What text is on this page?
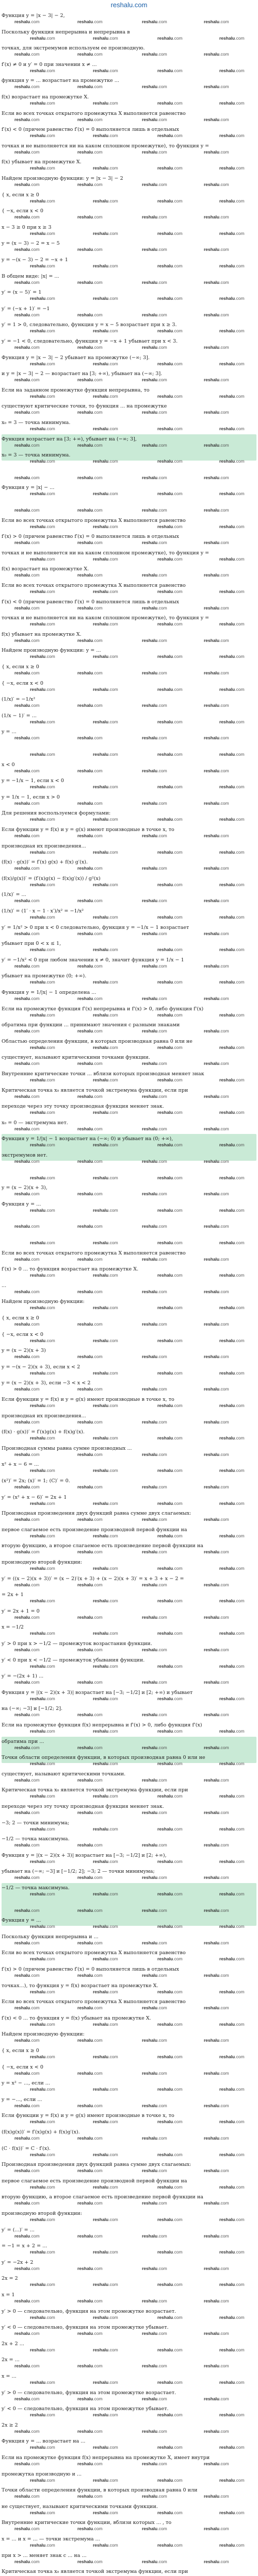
reshalu.com
Функция y = |x − 3| − 2,
Поскольку функция непрерывна и непрерывна в
точках, для экстремумов используем ее производную.
f′(x) ≠ 0 и y′ = 0 при значении x ≠ ...
функция y = ... возрастает на промежутке ...
f(x) возрастает на промежутке X.
Если во всех точках открытого промежутка X выполняется равенство
f′(x) < 0 (причем равенство f′(x) = 0 выполняется лишь в отдельных
точках и не выполняется ни на каком сплошном промежутке), то функция y =
f(x) убывает на промежутке X.
Найдем производную функции: y = |x − 3| − 2
{ x, если x ≥ 0
{ −x, если x < 0
x − 3 ≥ 0 при x ≥ 3
y = (x − 3) − 2 = x − 5
y = −(x − 3) − 2 = −x + 1
В общем виде: |x| = ...
y′ = (x − 5)′ = 1
y′ = (−x + 1)′ = −1
y′ = 1 > 0, следовательно, функция y = x − 5 возрастает при x ≥ 3.
y′ = −1 < 0, следовательно, функция y = −x + 1 убывает при x < 3.
Функция y = |x − 3| − 2 убывает на промежутке (−∞; 3].
и y = |x − 3| − 2 — возрастает на [3; +∞), убывает на (−∞; 3].
Если на заданном промежутке функция непрерывна, то
существуют критические точки, то функция ... на промежутке
x₀ = 3 — точка минимума.
Функция возрастает на [3; +∞), убывает на (−∞; 3],
x₀ = 3 — точка минимума.
Функция y = |x| − ...
Если во всех точках открытого промежутка X выполняется равенство
f′(x) > 0 (причем равенство f′(x) = 0 выполняется лишь в отдельных
точках и не выполняется ни на каком сплошном промежутке), то функция y =
f(x) возрастает на промежутке X.
Если во всех точках открытого промежутка X выполняется равенство
f′(x) < 0 (причем равенство f′(x) = 0 выполняется лишь в отдельных
точках и не выполняется ни на каком сплошном промежутке), то функция y =
f(x) убывает на промежутке X.
Найдем производную функции: y = ...
{ x, если x ≥ 0
{ −x, если x < 0
(1/x)′ = −1/x²
(1/x − 1)′ = ...
y = ...
x < 0
y = −1/x − 1, если x < 0
y = 1/x − 1, если x > 0
Для решения воспользуемся формулами:
Если функции y = f(x) и y = g(x) имеют производные в точке x, то
производная их произведения...
(f(x) · g(x))′ = f′(x) g(x) + f(x) g′(x).
(f(x)/g(x))′ = (f′(x)g(x) − f(x)g′(x)) / g²(x)
(1/x)′ = ...
(1/x)′ = (1′ · x − 1 · x′)/x² = −1/x²
y′ = 1/x² > 0 при x < 0 следовательно, функция y = −1/x − 1 возрастает
убывает при 0 < x ≤ 1,
y′ = −1/x² < 0 при любом значении x ≠ 0, значит функция y = 1/x − 1
убывает на промежутке (0; +∞).
Функция y = 1/|x| − 1 определена ...
Если на промежутке функция f'(x) непрерывна и f'(x) > 0, либо функция f'(x)
обратима при функции ... принимают значения с разными знаками
Областью определения функции, в которых производная равна 0 или не
существует, называют критическими точками функции.
Внутренние критические точки ... вблизи которых производная меняет знак
Критическая точка x₀ является точкой экстремума функции, если при
переходе через эту точку производная функция меняет знак.
x₀ = 0 — экстремума нет.
Функция y = 1/|x| − 1 возрастает на (−∞; 0) и убывает на (0; +∞),
экстремумов нет.
y = (x − 2)(x + 3),
Функция y = ...
Если во всех точках открытого промежутка X выполняется равенство
f′(x) > 0 ... то функция возрастает на промежутке X.
...
Найдем производную функции:
{ x, если x ≥ 0
{ −x, если x < 0
y = (x − 2)(x + 3)
y = −(x − 2)(x + 3), если x < 2
y = (x − 2)(x + 3), если −3 < x < 2
Если функции y = f(x) и y = g(x) имеют производные в точке x, то
производная их произведения...
(f(x) · g(x))′ = f′(x)g(x) + f(x)g′(x).
Производная суммы равна сумме производных ...
x² + x − 6 = ...
(x²)′ = 2x; (x)′ = 1; (C)′ = 0.
y′ = (x² + x − 6)′ = 2x + 1
Производная произведения двух функций равна сумме двух слагаемых:
первое слагаемое есть произведение производной первой функции на
вторую функцию, а второе слагаемое есть произведение первой функции на
производную второй функции:
y′ = ((x − 2)(x + 3))′ = (x − 2)′(x + 3) + (x − 2)(x + 3)′ = x + 3 + x − 2 =
= 2x + 1
y′ = 2x + 1 = 0
x = −1/2
y′ > 0 при x > −1/2 — промежуток возрастания функции.
y′ < 0 при x < −1/2 — промежуток убывания функции.
y′ = −(2x + 1) ...
Функция y = |(x − 2)(x + 3)| возрастает на [−3; −1/2] и [2; +∞) и убывает
на (−∞; −3] и [−1/2; 2].
Если на промежутке функция f(x) непрерывна и f'(x) > 0, либо функция f'(x)
обратима при ...
Точки области определения функции, в которых производная равна 0 или не
существует, называют критическими точками.
Критическая точка x₀ является точкой экстремума функции, если при
переходе через эту точку производная функция меняет знак.
−3; 2 — точки минимума;
−1/2 — точка максимума.
Функция y = |(x − 2)(x + 3)| возрастает на [−3; −1/2] и [2; +∞),
убывает на (−∞; −3] и [−1/2; 2]; −3; 2 — точки минимума;
−1/2 — точка максимума.
Функция y = ...
Поскольку функция непрерывна и ...
Если во всех точках открытого промежутка X выполняется равенство
f′(x) > 0 (причем равенство f′(x) = 0 выполняется лишь в отдельных
точках...), то функция y = f(x) возрастает на промежутке X.
Если во всех точках открытого промежутка X выполняется равенство
f′(x) < 0 ... то функция y = f(x) убывает на промежутке X.
Найдем производную функции:
{ x, если x ≥ 0
{ −x, если x < 0
y = x² − ..., если ...
y = −..., если ...
Если функции y = f(x) и y = g(x) имеют производные в точке x, то
(f(x)g(x))′ = f′(x)g(x) + f(x)g′(x).
(C · f(x))′ = C · f′(x).
Производная произведения двух функций равна сумме двух слагаемых:
первое слагаемое есть произведение производной первой функции на
вторую функцию, а второе слагаемое есть произведение первой функции на
производную второй функции:
y′ = (...)′ = ...
= −1 = x + 2 = ...
y′ = −2x + 2
2x = 2
x = 1
y′ > 0 — следовательно, функция на этом промежутке возрастает.
y′ < 0 — следовательно, функция на этом промежутке убывает.
2x + 2 ...
2x = ...
x = ...
y′ > 0 — следовательно, функция на этом промежутке возрастает.
y′ < 0 — следовательно, функция на этом промежутке убывает.
2x ≥ 2
Функция y = ... возрастает на ...
Если на промежутке функция f(x) непрерывна на промежутке X, имеет внутри
промежутка производную и ...
Точки области определения функции, в которых производная равна 0 или
не существует, называют критическими точками функции.
Внутренние критические точки функции, вблизи которых ... , то
x = ... и x = ... — точки экстремума ...
при x > ... меняет знак с ... на ...
Критическая точка x₀ является точкой экстремума функции, если при
reshalu.com	reshalu.com	reshalu.com	reshalu.com
reshalu.com	reshalu.com	reshalu.com	reshalu.com
reshalu.com	reshalu.com	reshalu.com	reshalu.com
reshalu.com	reshalu.com	reshalu.com	reshalu.com
reshalu.com	reshalu.com	reshalu.com	reshalu.com
reshalu.com	reshalu.com	reshalu.com	reshalu.com
reshalu.com	reshalu.com	reshalu.com	reshalu.com
reshalu.com	reshalu.com	reshalu.com	reshalu.com
reshalu.com	reshalu.com	reshalu.com	reshalu.com
reshalu.com	reshalu.com	reshalu.com	reshalu.com
reshalu.com	reshalu.com	reshalu.com	reshalu.com
reshalu.com	reshalu.com	reshalu.com	reshalu.com
reshalu.com	reshalu.com	reshalu.com	reshalu.com
reshalu.com	reshalu.com	reshalu.com	reshalu.com
reshalu.com	reshalu.com	reshalu.com	reshalu.com
reshalu.com	reshalu.com	reshalu.com	reshalu.com
reshalu.com	reshalu.com	reshalu.com	reshalu.com
reshalu.com	reshalu.com	reshalu.com	reshalu.com
reshalu.com	reshalu.com	reshalu.com	reshalu.com
reshalu.com	reshalu.com	reshalu.com	reshalu.com
reshalu.com	reshalu.com	reshalu.com	reshalu.com
reshalu.com	reshalu.com	reshalu.com	reshalu.com
reshalu.com	reshalu.com	reshalu.com	reshalu.com
reshalu.com	reshalu.com	reshalu.com	reshalu.com
reshalu.com	reshalu.com	reshalu.com	reshalu.com
reshalu.com	reshalu.com	reshalu.com	reshalu.com
reshalu.com	reshalu.com	reshalu.com	reshalu.com
reshalu.com	reshalu.com	reshalu.com	reshalu.com
reshalu.com	reshalu.com	reshalu.com	reshalu.com
reshalu.com	reshalu.com	reshalu.com	reshalu.com
reshalu.com	reshalu.com	reshalu.com	reshalu.com
reshalu.com	reshalu.com	reshalu.com	reshalu.com
reshalu.com	reshalu.com	reshalu.com	reshalu.com
reshalu.com	reshalu.com	reshalu.com	reshalu.com
reshalu.com	reshalu.com	reshalu.com	reshalu.com
reshalu.com	reshalu.com	reshalu.com	reshalu.com
reshalu.com	reshalu.com	reshalu.com	reshalu.com
reshalu.com	reshalu.com	reshalu.com	reshalu.com
reshalu.com	reshalu.com	reshalu.com	reshalu.com
reshalu.com	reshalu.com	reshalu.com	reshalu.com
reshalu.com	reshalu.com	reshalu.com	reshalu.com
reshalu.com	reshalu.com	reshalu.com	reshalu.com
reshalu.com	reshalu.com	reshalu.com	reshalu.com
reshalu.com	reshalu.com	reshalu.com	reshalu.com
reshalu.com	reshalu.com	reshalu.com	reshalu.com
reshalu.com	reshalu.com	reshalu.com	reshalu.com
reshalu.com	reshalu.com	reshalu.com	reshalu.com
reshalu.com	reshalu.com	reshalu.com	reshalu.com
reshalu.com	reshalu.com	reshalu.com	reshalu.com
reshalu.com	reshalu.com	reshalu.com	reshalu.com
reshalu.com	reshalu.com	reshalu.com	reshalu.com
reshalu.com	reshalu.com	reshalu.com	reshalu.com
reshalu.com	reshalu.com	reshalu.com	reshalu.com
reshalu.com	reshalu.com	reshalu.com	reshalu.com
reshalu.com	reshalu.com	reshalu.com	reshalu.com
reshalu.com	reshalu.com	reshalu.com	reshalu.com
reshalu.com	reshalu.com	reshalu.com	reshalu.com
reshalu.com	reshalu.com	reshalu.com	reshalu.com
reshalu.com	reshalu.com	reshalu.com	reshalu.com
reshalu.com	reshalu.com	reshalu.com	reshalu.com
reshalu.com	reshalu.com	reshalu.com	reshalu.com
reshalu.com	reshalu.com	reshalu.com	reshalu.com
reshalu.com	reshalu.com	reshalu.com	reshalu.com
reshalu.com	reshalu.com	reshalu.com	reshalu.com
reshalu.com	reshalu.com	reshalu.com	reshalu.com
reshalu.com	reshalu.com	reshalu.com	reshalu.com
reshalu.com	reshalu.com	reshalu.com	reshalu.com
reshalu.com	reshalu.com	reshalu.com	reshalu.com
reshalu.com	reshalu.com	reshalu.com	reshalu.com
reshalu.com	reshalu.com	reshalu.com	reshalu.com
reshalu.com	reshalu.com	reshalu.com	reshalu.com
reshalu.com	reshalu.com	reshalu.com	reshalu.com
reshalu.com	reshalu.com	reshalu.com	reshalu.com
reshalu.com	reshalu.com	reshalu.com	reshalu.com
reshalu.com	reshalu.com	reshalu.com	reshalu.com
reshalu.com	reshalu.com	reshalu.com	reshalu.com
reshalu.com	reshalu.com	reshalu.com	reshalu.com
reshalu.com	reshalu.com	reshalu.com	reshalu.com
reshalu.com	reshalu.com	reshalu.com	reshalu.com
reshalu.com	reshalu.com	reshalu.com	reshalu.com
reshalu.com	reshalu.com	reshalu.com	reshalu.com
reshalu.com	reshalu.com	reshalu.com	reshalu.com
reshalu.com	reshalu.com	reshalu.com	reshalu.com
reshalu.com	reshalu.com	reshalu.com	reshalu.com
reshalu.com	reshalu.com	reshalu.com	reshalu.com
reshalu.com	reshalu.com	reshalu.com	reshalu.com
reshalu.com	reshalu.com	reshalu.com	reshalu.com
reshalu.com	reshalu.com	reshalu.com	reshalu.com
reshalu.com	reshalu.com	reshalu.com	reshalu.com
reshalu.com	reshalu.com	reshalu.com	reshalu.com
reshalu.com	reshalu.com	reshalu.com	reshalu.com
reshalu.com	reshalu.com	reshalu.com	reshalu.com
reshalu.com	reshalu.com	reshalu.com	reshalu.com
reshalu.com	reshalu.com	reshalu.com	reshalu.com
reshalu.com	reshalu.com	reshalu.com	reshalu.com
reshalu.com	reshalu.com	reshalu.com	reshalu.com
reshalu.com	reshalu.com	reshalu.com	reshalu.com
reshalu.com	reshalu.com	reshalu.com	reshalu.com
reshalu.com	reshalu.com	reshalu.com	reshalu.com
reshalu.com	reshalu.com	reshalu.com	reshalu.com
reshalu.com	reshalu.com	reshalu.com	reshalu.com
reshalu.com	reshalu.com	reshalu.com	reshalu.com
reshalu.com	reshalu.com	reshalu.com	reshalu.com
reshalu.com	reshalu.com	reshalu.com	reshalu.com
reshalu.com	reshalu.com	reshalu.com	reshalu.com
reshalu.com	reshalu.com	reshalu.com	reshalu.com
reshalu.com	reshalu.com	reshalu.com	reshalu.com
reshalu.com	reshalu.com	reshalu.com	reshalu.com
reshalu.com	reshalu.com	reshalu.com	reshalu.com
reshalu.com	reshalu.com	reshalu.com	reshalu.com
reshalu.com	reshalu.com	reshalu.com	reshalu.com
reshalu.com	reshalu.com	reshalu.com	reshalu.com
reshalu.com	reshalu.com	reshalu.com	reshalu.com
reshalu.com	reshalu.com	reshalu.com	reshalu.com
reshalu.com	reshalu.com	reshalu.com	reshalu.com
reshalu.com	reshalu.com	reshalu.com	reshalu.com
reshalu.com	reshalu.com	reshalu.com	reshalu.com
reshalu.com	reshalu.com	reshalu.com	reshalu.com
reshalu.com	reshalu.com	reshalu.com	reshalu.com
reshalu.com	reshalu.com	reshalu.com	reshalu.com
reshalu.com	reshalu.com	reshalu.com	reshalu.com
reshalu.com	reshalu.com	reshalu.com	reshalu.com
reshalu.com	reshalu.com	reshalu.com	reshalu.com
reshalu.com	reshalu.com	reshalu.com	reshalu.com
reshalu.com	reshalu.com	reshalu.com	reshalu.com
reshalu.com	reshalu.com	reshalu.com	reshalu.com
reshalu.com	reshalu.com	reshalu.com	reshalu.com
reshalu.com	reshalu.com	reshalu.com	reshalu.com
reshalu.com	reshalu.com	reshalu.com	reshalu.com
reshalu.com	reshalu.com	reshalu.com	reshalu.com
reshalu.com	reshalu.com	reshalu.com	reshalu.com
reshalu.com	reshalu.com	reshalu.com	reshalu.com
reshalu.com	reshalu.com	reshalu.com	reshalu.com
reshalu.com	reshalu.com	reshalu.com	reshalu.com
reshalu.com	reshalu.com	reshalu.com	reshalu.com
reshalu.com	reshalu.com	reshalu.com	reshalu.com
reshalu.com	reshalu.com	reshalu.com	reshalu.com
reshalu.com	reshalu.com	reshalu.com	reshalu.com
reshalu.com	reshalu.com	reshalu.com	reshalu.com
reshalu.com	reshalu.com	reshalu.com	reshalu.com
reshalu.com	reshalu.com	reshalu.com	reshalu.com
reshalu.com	reshalu.com	reshalu.com	reshalu.com
reshalu.com	reshalu.com	reshalu.com	reshalu.com
reshalu.com	reshalu.com	reshalu.com	reshalu.com
reshalu.com	reshalu.com	reshalu.com	reshalu.com
reshalu.com	reshalu.com	reshalu.com	reshalu.com
reshalu.com	reshalu.com	reshalu.com	reshalu.com
reshalu.com	reshalu.com	reshalu.com	reshalu.com
reshalu.com	reshalu.com	reshalu.com	reshalu.com
reshalu.com	reshalu.com	reshalu.com	reshalu.com
reshalu.com	reshalu.com	reshalu.com	reshalu.com
reshalu.com	reshalu.com	reshalu.com	reshalu.com
reshalu.com	reshalu.com	reshalu.com	reshalu.com
reshalu.com	reshalu.com	reshalu.com	reshalu.com
reshalu.com	reshalu.com	reshalu.com	reshalu.com
reshalu.com	reshalu.com	reshalu.com	reshalu.com
reshalu.com	reshalu.com	reshalu.com	reshalu.com
